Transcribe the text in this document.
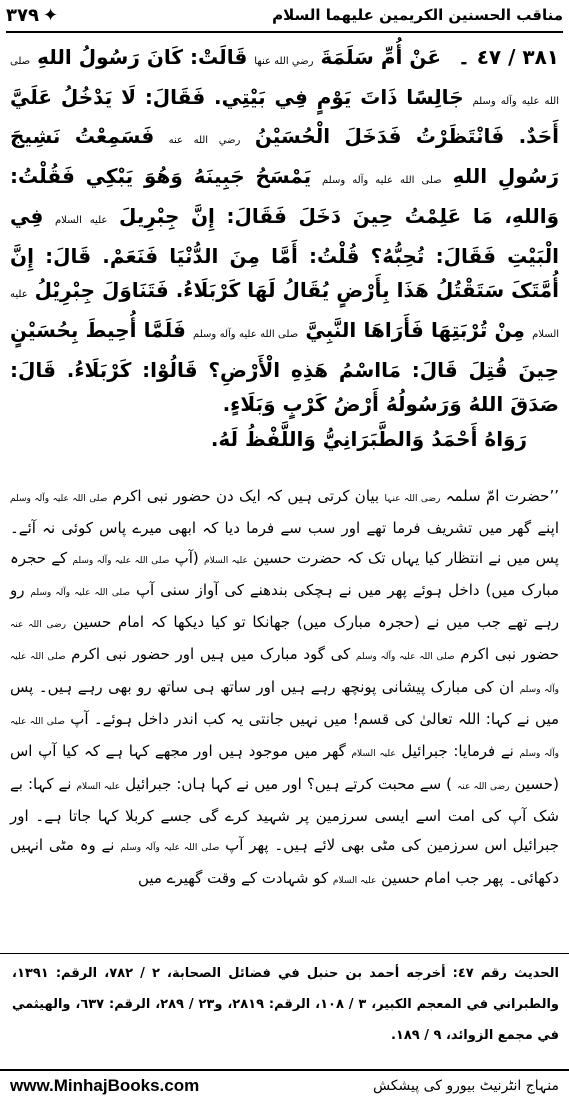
مناقب الحسنين الكريمين عليهما السلام
✦
٣٧٩
٣٨١ / ٤٧ ۔ عَنْ أُمِّ سَلَمَةَ رضي الله عنها قَالَتْ: كَانَ رَسُولُ اللهِ صلى الله عليه وآله وسلم جَالِسًا ذَاتَ يَوْمٍ فِي بَيْتِي. فَقَالَ: لَا يَدْخُلُ عَلَيَّ أَحَدٌ. فَانْتَظَرْتُ فَدَخَلَ الْحُسَيْنُ رضي الله عنه فَسَمِعْتُ نَشِيجَ رَسُولِ اللهِ صلى الله عليه وآله وسلم يَمْسَحُ جَبِينَهُ وَهُوَ يَبْكِي فَقُلْتُ: وَاللهِ، مَا عَلِمْتُ حِينَ دَخَلَ فَقَالَ: إِنَّ جِبْرِيلَ عليه السلام فِي الْبَيْتِ فَقَالَ: تُحِبُّهُ؟ قُلْتُ: أَمَّا مِنَ الدُّنْيَا فَنَعَمْ. قَالَ: إِنَّ أُمَّتَکَ سَتَقْتُلُ هَذَا بِأَرْضٍ يُقَالُ لَهَا كَرْبَلَاءُ. فَتَنَاوَلَ جِبْرِيْلُ عليه السلام مِنْ تُرْبَتِهَا فَأَرَاهَا النَّبِيَّ صلى الله عليه وآله وسلم فَلَمَّا أُحِيطَ بِحُسَيْنٍ حِينَ قُتِلَ قَالَ: مَااسْمُ هَذِهِ الْأَرْضِ؟ قَالُوْا: كَرْبَلَاءُ. قَالَ: صَدَقَ اللهُ وَرَسُولُهُ أَرْضُ كَرْبٍ وَبَلَاءٍ.
رَوَاهُ أَحْمَدُ وَالطَّبَرَانِيُّ وَاللَّفْظُ لَهُ.
’’حضرت امّ سلمہ رضی اللہ عنہا بیان کرتی ہیں کہ ایک دن حضور نبی اکرم صلی اللہ علیہ وآلہ وسلم اپنے گھر میں تشریف فرما تھے اور سب سے فرما دیا کہ ابھی میرے پاس کوئی نہ آئے۔ پس میں نے انتظار کیا یہاں تک کہ حضرت حسین علیہ السلام (آپ صلی اللہ علیہ وآلہ وسلم کے حجرہ مبارک میں) داخل ہوئے پھر میں نے ہچکی بندھنے کی آواز سنی آپ صلی اللہ علیہ وآلہ وسلم رو رہے تھے جب میں نے (حجرہ مبارک میں) جھانکا تو کیا دیکھا کہ امام حسین رضی اللہ عنہ حضور نبی اکرم صلی اللہ علیہ وآلہ وسلم کی گود مبارک میں ہیں اور حضور نبی اکرم صلی اللہ علیہ وآلہ وسلم ان کی مبارک پیشانی پونچھ رہے ہیں اور ساتھ ہی ساتھ رو بھی رہے ہیں۔ پس میں نے کہا: اللہ تعالیٰ کی قسم! میں نہیں جانتی یہ کب اندر داخل ہوئے۔ آپ صلی اللہ علیہ وآلہ وسلم نے فرمایا: جبرائیل علیہ السلام گھر میں موجود ہیں اور مجھے کہا ہے کہ کیا آپ اس (حسین رضی اللہ عنہ ) سے محبت کرتے ہیں؟ اور میں نے کہا ہاں: جبرائیل علیہ السلام نے کہا: بے شک آپ کی امت اسے ایسی سرزمین پر شہید کرے گی جسے کربلا کہا جاتا ہے۔ اور جبرائیل اس سرزمین کی مٹی بھی لائے ہیں۔ پھر آپ صلی اللہ علیہ وآلہ وسلم نے وہ مٹی انہیں دکھائی۔ پھر جب امام حسین علیہ السلام کو شہادت کے وقت گھیرے میں
الحديث رقم ٤٧: أخرجه أحمد بن حنبل في فضائل الصحابة، ٢ / ٧٨٢، الرقم: ١٣٩١، والطبراني في المعجم الكبير، ٣ / ١٠٨، الرقم: ٢٨١٩، و٢٣ / ٢٨٩، الرقم: ٦٣٧، والهيثمي في مجمع الزوائد، ٩ / ١٨٩.
www.MinhajBooks.com	منہاج انٹرنیٹ بیورو کی پیشکش
